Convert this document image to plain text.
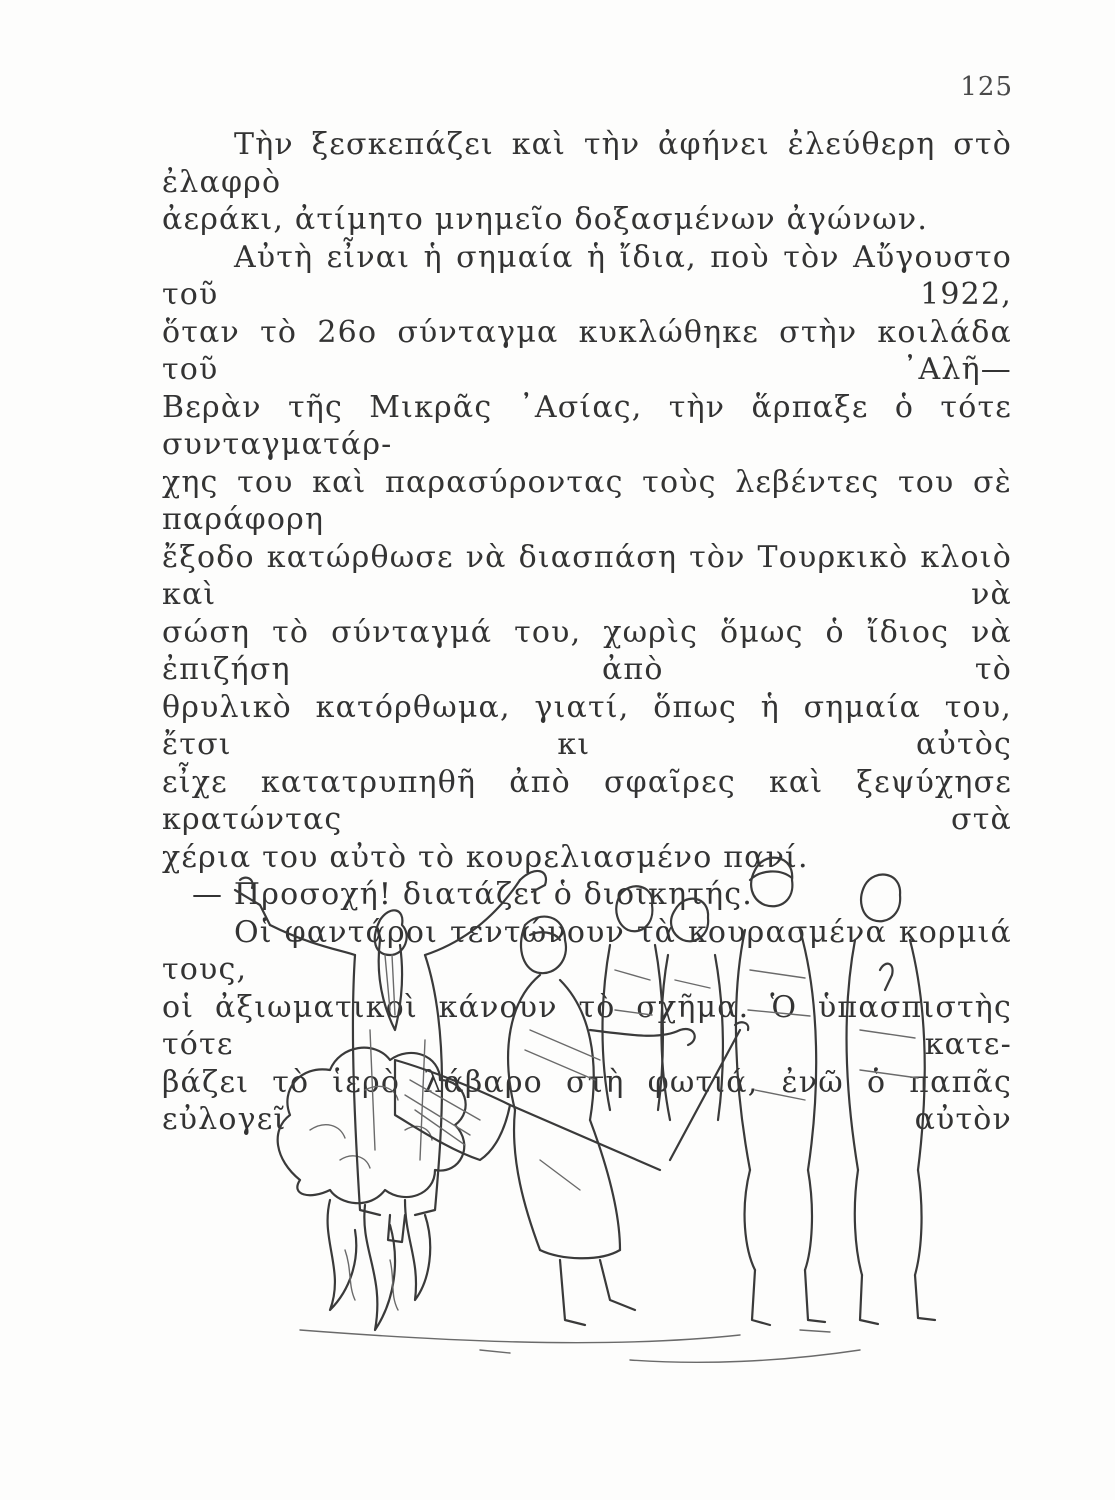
125

Τὴν ξεσκεπάζει καὶ τὴν ἀφήνει ἐλεύθερη στὸ ἐλαφρὸ

ἀεράκι, ἀτίμητο μνημεῖο δοξασμένων ἀγώνων.

Αὐτὴ εἶναι ἡ σημαία ἡ ἴδια, ποὺ τὸν Αὔγουστο τοῦ 1922,

ὅταν τὸ 26ο σύνταγμα κυκλώθηκε στὴν κοιλάδα τοῦ ᾿Αλῆ—

Βερὰν τῆς Μικρᾶς ᾿Ασίας, τὴν ἅρπαξε ὁ τότε συνταγματάρ-

χης του καὶ παρασύροντας τοὺς λεβέντες του σὲ παράφορη

ἔξοδο κατώρθωσε νὰ διασπάση τὸν Τουρκικὸ κλοιὸ καὶ νὰ

σώση τὸ σύνταγμά του, χωρὶς ὅμως ὁ ἴδιος νὰ ἐπιζήση ἀπὸ τὸ

θρυλικὸ κατόρθωμα, γιατί, ὅπως ἡ σημαία του, ἔτσι κι αὐτὸς

εἶχε κατατρυπηθῆ ἀπὸ σφαῖρες καὶ ξεψύχησε κρατώντας στὰ

χέρια του αὐτὸ τὸ κουρελιασμένο πανί.

— Προσοχή! διατάζει ὁ διοικητής.

Οἱ φαντάροι τεντώνουν τὰ κουρασμένα κορμιά τους,

οἱ ἀξιωματικοὶ κάνουν τὸ σχῆμα. Ὁ ὑπασπιστὴς τότε κατε-

βάζει τὸ ἱερὸ λάβαρο στὴ φωτιά, ἐνῶ ὁ παπᾶς εὐλογεῖ αὐτὸν
